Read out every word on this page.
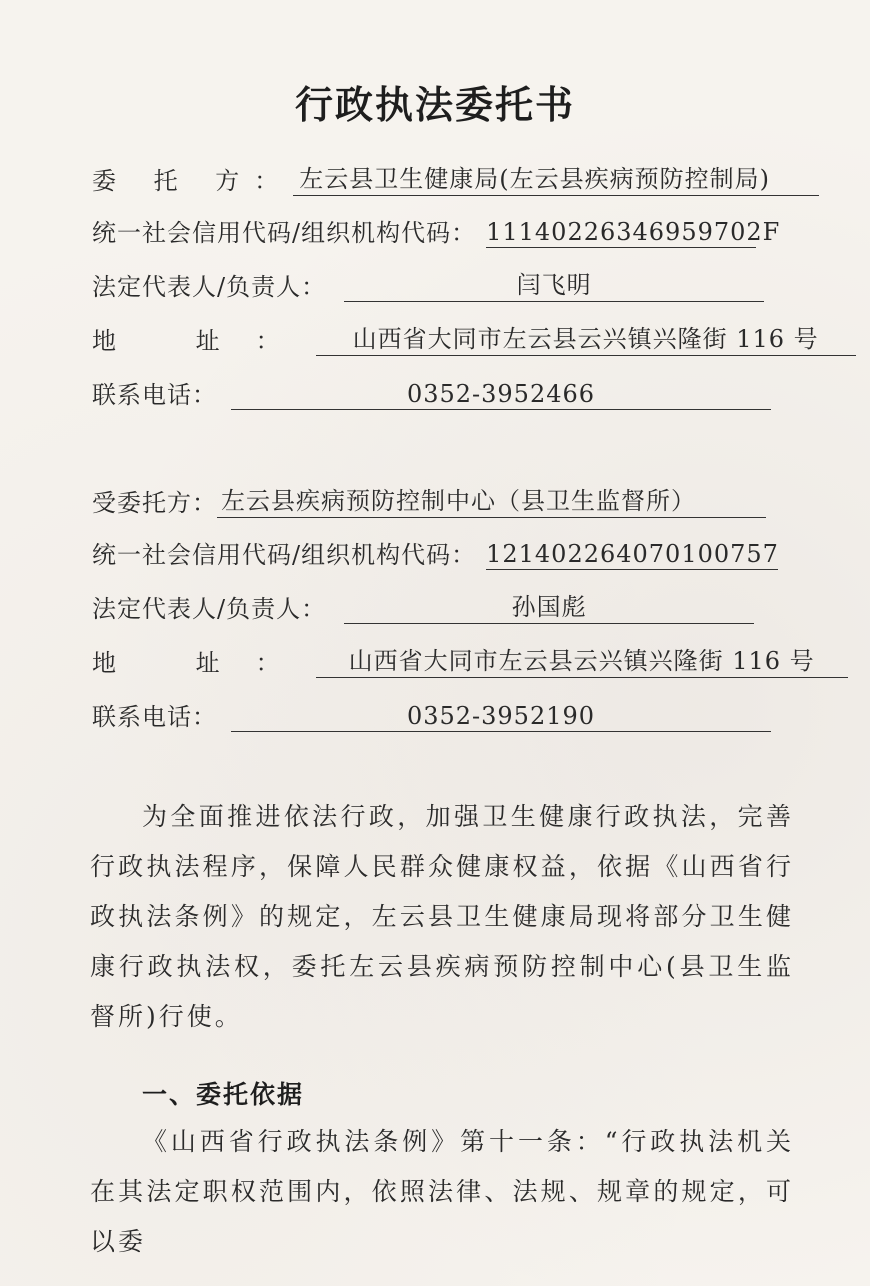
行政执法委托书
委 托 方： 左云县卫生健康局(左云县疾病预防控制局)
统一社会信用代码/组织机构代码： 11140226346959702F
法定代表人/负责人：	闫飞明
地 址：	山西省大同市左云县云兴镇兴隆街 116 号
联系电话：	0352-3952466
受委托方： 左云县疾病预防控制中心（县卫生监督所）
统一社会信用代码/组织机构代码： 121402264070100757
法定代表人/负责人：	孙国彪
地 址：	山西省大同市左云县云兴镇兴隆街 116 号
联系电话：	0352-3952190
为全面推进依法行政，加强卫生健康行政执法，完善行政执法程序，保障人民群众健康权益，依据《山西省行政执法条例》的规定，左云县卫生健康局现将部分卫生健康行政执法权，委托左云县疾病预防控制中心(县卫生监督所)行使。
一、委托依据
《山西省行政执法条例》第十一条：“行政执法机关在其法定职权范围内，依照法律、法规、规章的规定，可以委
